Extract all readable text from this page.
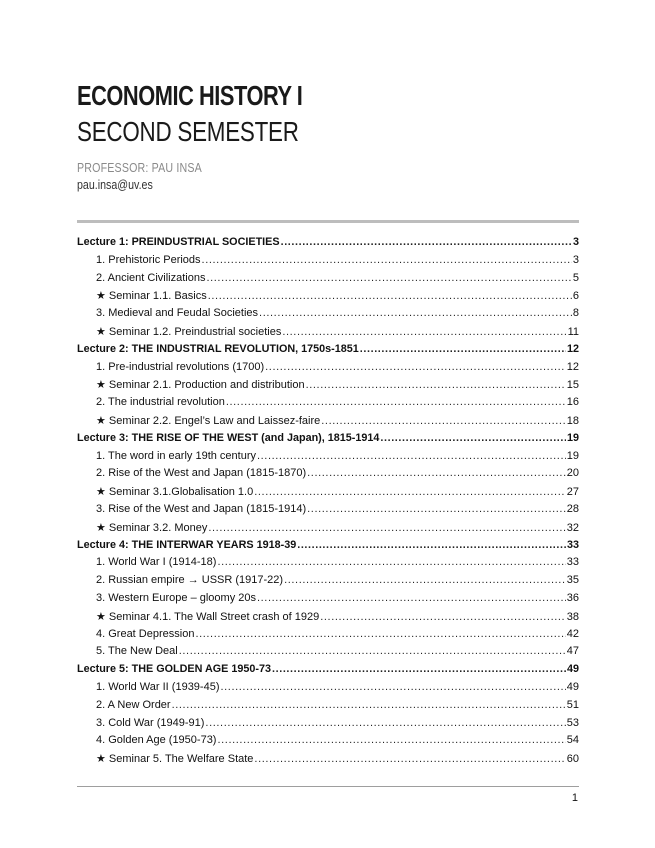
ECONOMIC HISTORY I
SECOND SEMESTER
PROFESSOR: PAU INSA
pau.insa@uv.es
Lecture 1: PREINDUSTRIAL SOCIETIES .....	3
1. Prehistoric Periods .....	3
2. Ancient Civilizations .....	5
★ Seminar 1.1. Basics .....	6
3. Medieval and Feudal Societies .....	8
★ Seminar 1.2. Preindustrial societies .....	11
Lecture 2: THE INDUSTRIAL REVOLUTION, 1750s-1851 .....	12
1. Pre-industrial revolutions (1700) .....	12
★ Seminar 2.1. Production and distribution .....	15
2. The industrial revolution .....	16
★ Seminar 2.2. Engel’s Law and Laissez-faire .....	18
Lecture 3: THE RISE OF THE WEST (and Japan), 1815-1914 .....	19
1. The word in early 19th century .....	19
2. Rise of the West and Japan (1815-1870) .....	20
★ Seminar 3.1.Globalisation 1.0 .....	27
3. Rise of the West and Japan (1815-1914) .....	28
★ Seminar 3.2. Money .....	32
Lecture 4: THE INTERWAR YEARS 1918-39 .....	33
1. World War I (1914-18) .....	33
2. Russian empire → USSR (1917-22) .....	35
3. Western Europe – gloomy 20s .....	36
★ Seminar 4.1. The Wall Street crash of 1929 .....	38
4. Great Depression .....	42
5. The New Deal .....	47
Lecture 5: THE GOLDEN AGE 1950-73 .....	49
1. World War II (1939-45) .....	49
2. A New Order .....	51
3. Cold War (1949-91) .....	53
4. Golden Age (1950-73) .....	54
★ Seminar 5. The Welfare State .....	60
1
